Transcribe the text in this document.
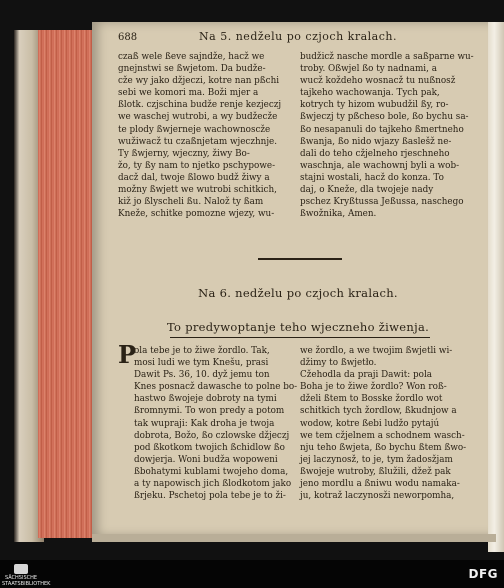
688	Na 5. nedželu po czjoch kralach.
czaß wele ßeve sajndže, hacž we
gnejnstwi se ßwjetom. Da budže-
cže wy jako džjeczi, kotre nan pßchi
sebi we komori ma. Boži mjer a
ßlotk. czjschina budže renje kezjeczj
we waschej wutrobi, a wy budžecže
te plody ßwjerneje wachownoscže
wužiwacž tu czaßnjetam wjeczhnje.
Ty ßwjerny, wjeczny, žiwy Bo-
žo, ty ßy nam to njetko pschypowe-
dacž dal, twoje ßlowo budž žiwy a
možny ßwjett we wutrobi schitkich,
kiž jo ßlyscheli ßu. Nalož ty ßam
Kneže, schitke pomozne wjezy, wu-
budžicž nasche mordle a saßparne wu-
troby. Oßwjel ßo ty nadnami, a
wucž koždeho wosnacž tu nußnosž
tajkeho wachowanja. Tych pak,
kotrych ty hizom wubudžil ßy, ro-
ßwjeczj ty pßcheso bole, ßo bychu sa-
ßo nesapanuli do tajkeho ßmertneho
ßwanja, ßo nido wjazy ßaslešž ne-
dali do teho cžjelneho rjeschneho
waschnja, ale wachownj byli a wob-
stajni wostali, hacž do konza. To
daj, o Kneže, dla twojeje nady
pschez Kryßtussa Jeßussa, naschego
ßwožnika, Amen.
Na 6. nedželu po czjoch kralach.
To predywoptanje teho wjeczneho žiwenja.
P
ola tebe je to žiwe žordlo. Tak,
mosi ludi we tym Knešu, prasi
Dawit Ps. 36, 10. dyž jemu ton
Knes posnacž dawasche to polne bo-
hastwo ßwojeje dobroty na tymi
ßromnymi. To won predy a potom
tak wupraji: Kak droha je twoja
dobrota, Božo, ßo czlowske džjeczj
pod ßkotkom twojich ßchidlow ßo
dowjerja. Woni budža wopoweni
ßbohatymi kublami twojeho doma,
a ty napowisch jich ßlodkotom jako
ßrjeku. Pschetoj pola tebe je to ži-
we žordlo, a we twojim ßwjetli wi-
džimy to ßwjetło.
Cžehodla da praji Dawit: pola
Boha je to žiwe žordlo? Won roß-
dželi ßtem to Bosske žordlo wot
schitkich tych žordlow, ßkudnjow a
wodow, kotre ßebi ludžo pytajú
we tem cžjelnem a schodnem wasch-
nju teho ßwjeta, ßo bychu ßtem ßwo-
jej laczynosž, to je, tym žadosžjam
ßwojeje wutroby, ßlužili, džež pak
jeno mordlu a ßniwu wodu namaka-
ju, kotraž laczynosži neworpomha,
SÄCHSISCHE STAATSBIBLIOTHEK
DFG
